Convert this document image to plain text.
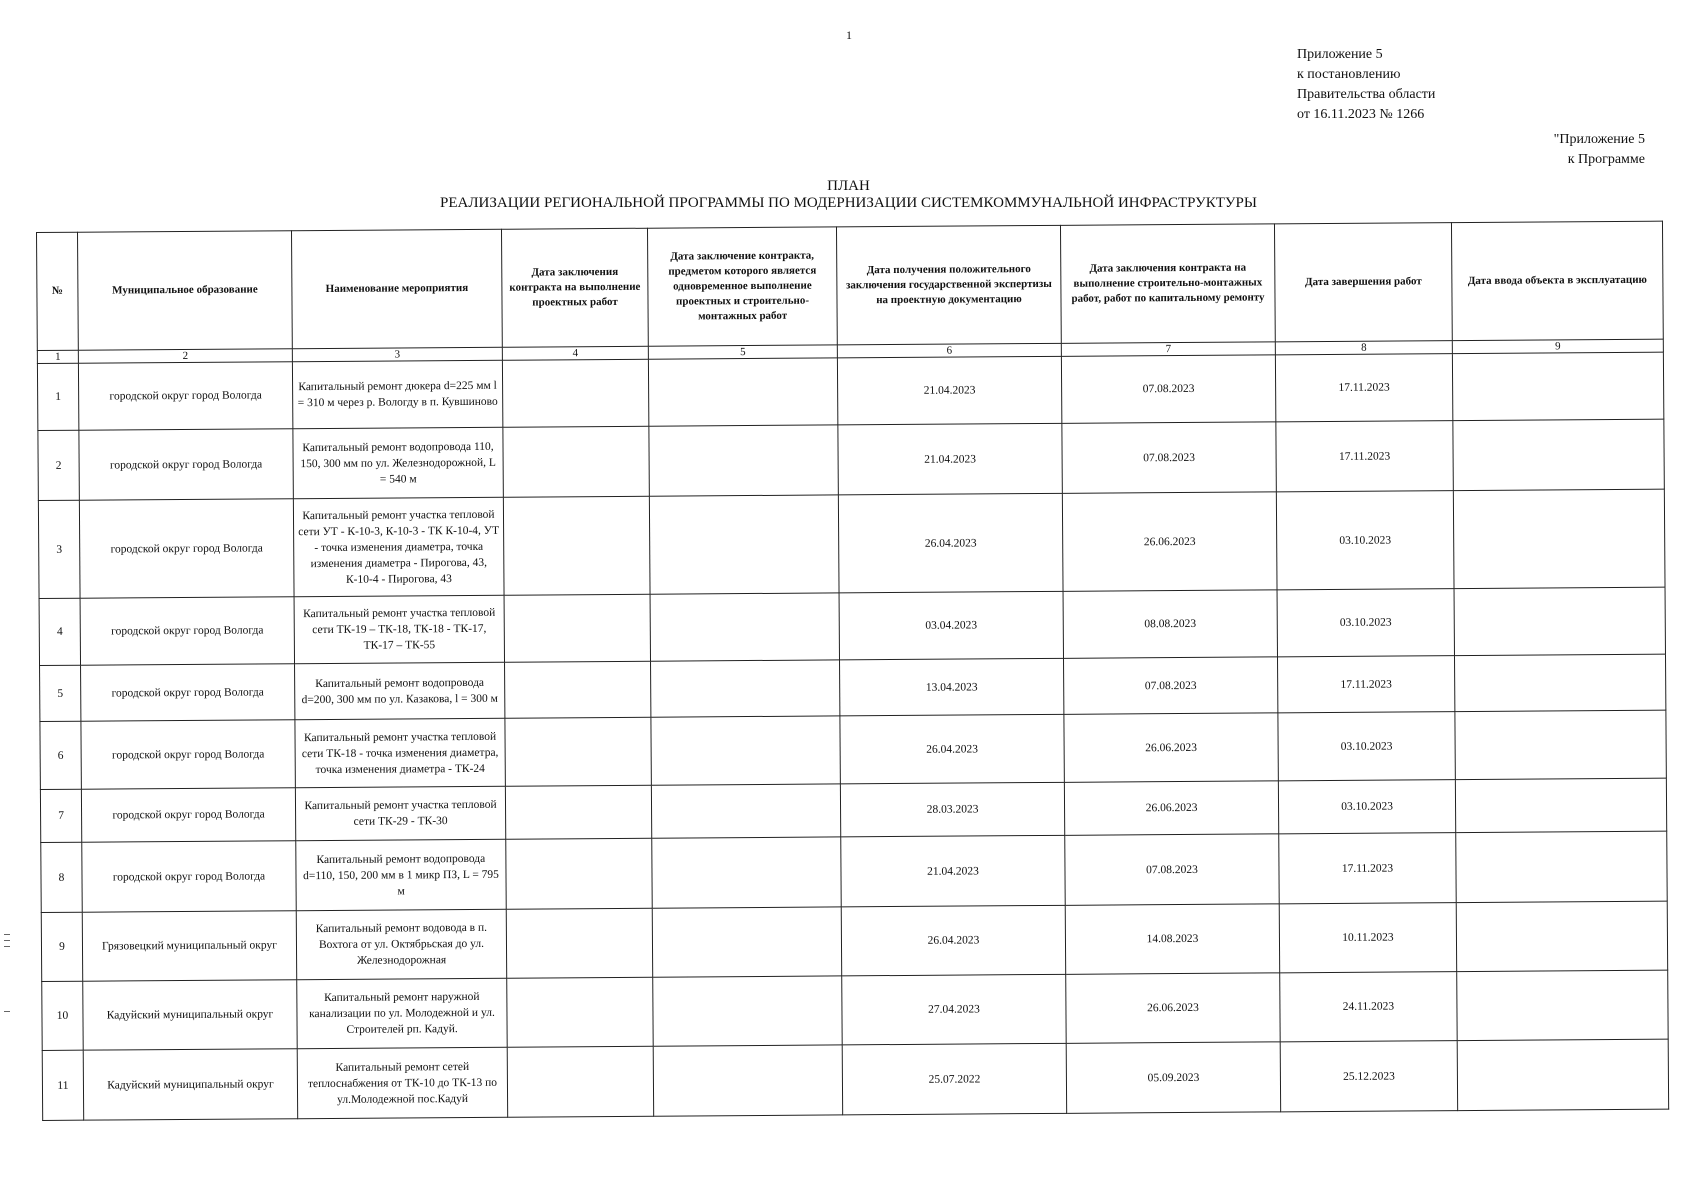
1
Приложение 5
к постановлению
Правительства области
от 16.11.2023 № 1266
"Приложение 5
к Программе
ПЛАН
РЕАЛИЗАЦИИ РЕГИОНАЛЬНОЙ ПРОГРАММЫ ПО МОДЕРНИЗАЦИИ СИСТЕМКОММУНАЛЬНОЙ ИНФРАСТРУКТУРЫ
№	Муниципальное образование	Наименование мероприятия	Дата заключения контракта на выполнение проектных работ	Дата заключение контракта, предметом которого является одновременное выполнение проектных и строительно-монтажных работ	Дата получения положительного заключения государственной экспертизы на проектную документацию	Дата заключения контракта на выполнение строительно-монтажных работ, работ по капитальному ремонту	Дата завершения работ	Дата ввода объекта в эксплуатацию
1	2	3	4	5	6	7	8	9
1	городской округ город Вологда	Капитальный ремонт дюкера d=225 мм l = 310 м через р. Вологду в п. Кувшиново			21.04.2023	07.08.2023	17.11.2023	
2	городской округ город Вологда	Капитальный ремонт водопровода 110, 150, 300 мм по ул. Железнодорожной, L = 540 м			21.04.2023	07.08.2023	17.11.2023	
3	городской округ город Вологда	Капитальный ремонт участка тепловой сети УТ - К-10-3, К-10-3 - ТК К-10-4, УТ - точка изменения диаметра, точка изменения диаметра - Пирогова, 43, К-10-4 - Пирогова, 43			26.04.2023	26.06.2023	03.10.2023	
4	городской округ город Вологда	Капитальный ремонт участка тепловой сети ТК-19 – ТК-18, ТК-18 - ТК-17, ТК-17 – ТК-55			03.04.2023	08.08.2023	03.10.2023	
5	городской округ город Вологда	Капитальный ремонт водопровода d=200, 300 мм по ул. Казакова, l = 300 м			13.04.2023	07.08.2023	17.11.2023	
6	городской округ город Вологда	Капитальный ремонт участка тепловой сети ТК-18 - точка изменения диаметра, точка изменения диаметра - ТК-24			26.04.2023	26.06.2023	03.10.2023	
7	городской округ город Вологда	Капитальный ремонт участка тепловой сети ТК-29 - ТК-30			28.03.2023	26.06.2023	03.10.2023	
8	городской округ город Вологда	Капитальный ремонт водопровода d=110, 150, 200 мм в 1 микр ПЗ, L = 795 м			21.04.2023	07.08.2023	17.11.2023	
9	Грязовецкий муниципальный округ	Капитальный ремонт водовода в п. Вохтога от ул. Октябрьская до ул. Железнодорожная			26.04.2023	14.08.2023	10.11.2023	
10	Кадуйский муниципальный округ	Капитальный ремонт наружной канализации по ул. Молодежной и ул. Строителей рп. Кадуй.			27.04.2023	26.06.2023	24.11.2023	
11	Кадуйский муниципальный округ	Капитальный ремонт сетей теплоснабжения от ТК-10 до ТК-13 по ул.Молодежной пос.Кадуй			25.07.2022	05.09.2023	25.12.2023	
